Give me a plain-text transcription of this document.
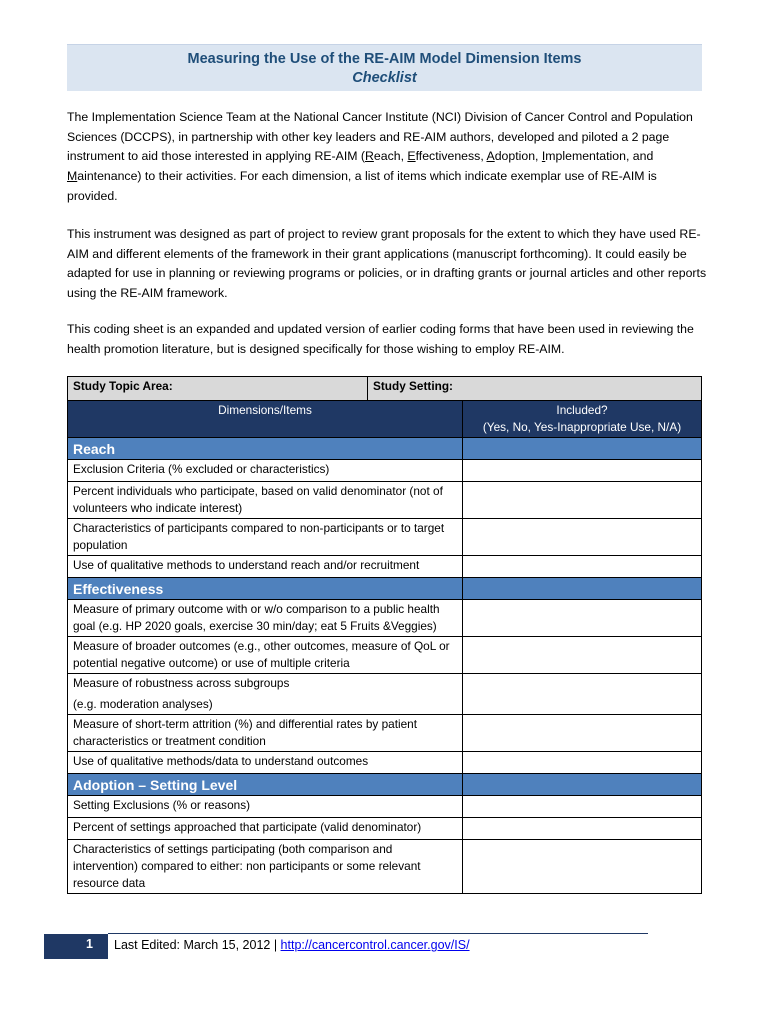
Measuring the Use of the RE-AIM Model Dimension Items
Checklist
The Implementation Science Team at the National Cancer Institute (NCI) Division of Cancer Control and Population Sciences (DCCPS), in partnership with other key leaders and RE-AIM authors, developed and piloted a 2 page instrument to aid those interested in applying RE-AIM (Reach, Effectiveness, Adoption, Implementation, and Maintenance) to their activities. For each dimension, a list of items which indicate exemplar use of RE-AIM is provided.
This instrument was designed as part of project to review grant proposals for the extent to which they have used RE-AIM and different elements of the framework in their grant applications (manuscript forthcoming). It could easily be adapted for use in planning or reviewing programs or policies, or in drafting grants or journal articles and other reports using the RE-AIM framework.
This coding sheet is an expanded and updated version of earlier coding forms that have been used in reviewing the health promotion literature, but is designed specifically for those wishing to employ RE-AIM.
Study Topic Area:	Study Setting:	
Dimensions/Items		Included?
(Yes, No, Yes-Inappropriate Use, N/A)

Reach		
Exclusion Criteria (% excluded or characteristics)		
Percent individuals who participate, based on valid denominator (not of volunteers who indicate interest)		
Characteristics of participants compared to non-participants or to target population		
Use of qualitative methods to understand reach and/or recruitment		
Effectiveness		
Measure of primary outcome with or w/o comparison to a public health goal (e.g. HP 2020 goals, exercise 30 min/day; eat 5 Fruits &Veggies)		
Measure of broader outcomes (e.g., other outcomes, measure of QoL or potential negative outcome) or use of multiple criteria		

Measure of robustness across subgroups
(e.g. moderation analyses)		

Measure of short-term attrition (%) and differential rates by patient characteristics or treatment condition		
Use of qualitative methods/data to understand outcomes		
Adoption – Setting Level		
Setting Exclusions (% or reasons)		
Percent of settings approached that participate (valid denominator)		
Characteristics of settings participating (both comparison and intervention) compared to either: non participants or some relevant resource data		
1 Last Edited: March 15, 2012 | http://cancercontrol.cancer.gov/IS/
